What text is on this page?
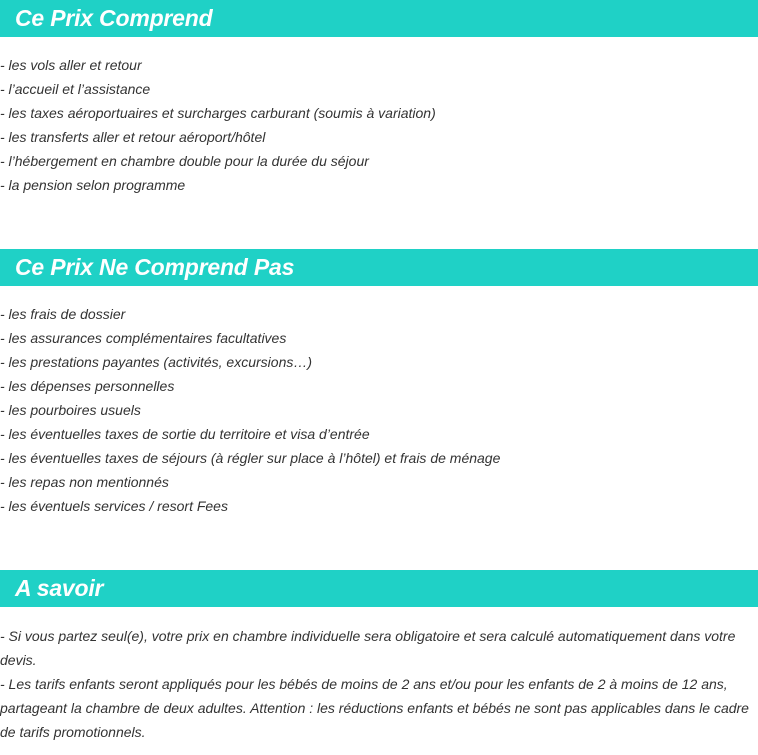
Ce Prix Comprend
- les vols aller et retour
- l’accueil et l’assistance
- les taxes aéroportuaires et surcharges carburant (soumis à variation)
- les transferts aller et retour aéroport/hôtel
- l’hébergement en chambre double pour la durée du séjour
- la pension selon programme
Ce Prix Ne Comprend Pas
- les frais de dossier
- les assurances complémentaires facultatives
- les prestations payantes (activités, excursions…)
- les dépenses personnelles
- les pourboires usuels
- les éventuelles taxes de sortie du territoire et visa d’entrée
- les éventuelles taxes de séjours (à régler sur place à l’hôtel) et frais de ménage
- les repas non mentionnés
- les éventuels services / resort Fees
A savoir
- Si vous partez seul(e), votre prix en chambre individuelle sera obligatoire et sera calculé automatiquement dans votre devis.
- Les tarifs enfants seront appliqués pour les bébés de moins de 2 ans et/ou pour les enfants de 2 à moins de 12 ans, partageant la chambre de deux adultes. Attention : les réductions enfants et bébés ne sont pas applicables dans le cadre de tarifs promotionnels.
